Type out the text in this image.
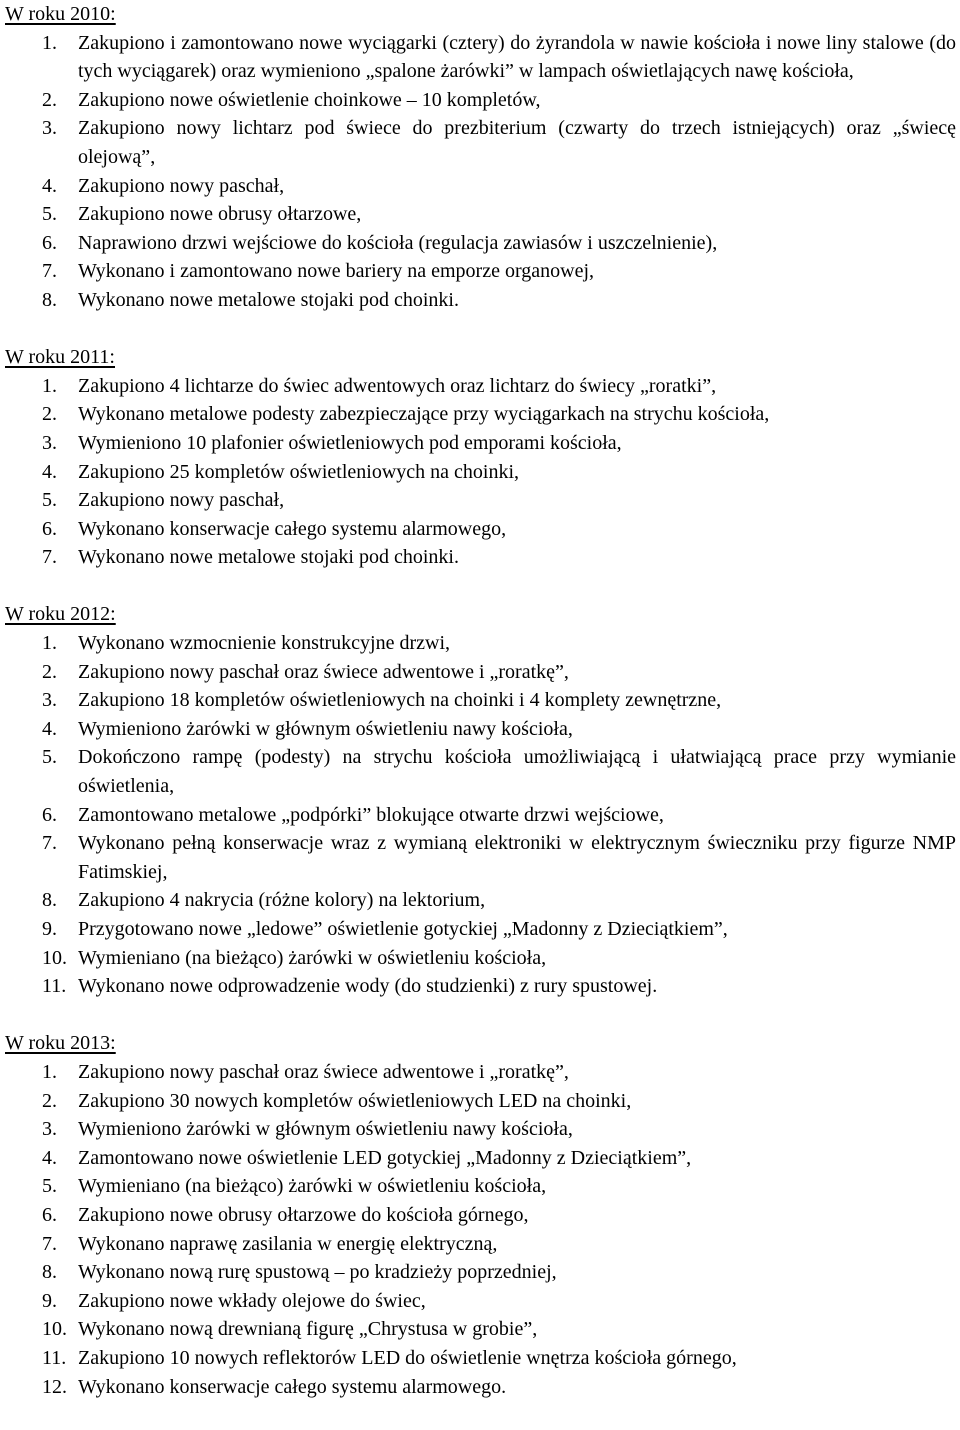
W roku 2010:
1.	Zakupiono i zamontowano nowe wyciągarki (cztery) do żyrandola w nawie kościoła i nowe liny stalowe (do tych wyciągarek) oraz wymieniono „spalone żarówki” w lampach oświetlających nawę kościoła,
2.	Zakupiono nowe oświetlenie choinkowe – 10 kompletów,
3.	Zakupiono nowy lichtarz pod świece do prezbiterium (czwarty do trzech istniejących) oraz „świecę olejową”,
4.	Zakupiono nowy paschał,
5.	Zakupiono nowe obrusy ołtarzowe,
6.	Naprawiono drzwi wejściowe do kościoła (regulacja zawiasów i uszczelnienie),
7.	Wykonano i zamontowano nowe bariery na emporze organowej,
8.	Wykonano nowe metalowe stojaki pod choinki.
W roku 2011:
1.	Zakupiono 4 lichtarze do świec adwentowych oraz lichtarz do świecy „roratki”,
2.	Wykonano metalowe podesty zabezpieczające przy wyciągarkach na strychu kościoła,
3.	Wymieniono 10 plafonier oświetleniowych pod emporami kościoła,
4.	Zakupiono 25 kompletów oświetleniowych na choinki,
5.	Zakupiono nowy paschał,
6.	Wykonano konserwacje całego systemu alarmowego,
7.	Wykonano nowe metalowe stojaki pod choinki.
W roku 2012:
1.	Wykonano wzmocnienie konstrukcyjne drzwi,
2.	Zakupiono nowy paschał oraz świece adwentowe i „roratkę”,
3.	Zakupiono 18 kompletów oświetleniowych na choinki i 4 komplety zewnętrzne,
4.	Wymieniono żarówki w głównym oświetleniu nawy kościoła,
5.	Dokończono rampę (podesty) na strychu kościoła umożliwiającą i ułatwiającą prace przy wymianie oświetlenia,
6.	Zamontowano metalowe „podpórki” blokujące otwarte drzwi wejściowe,
7.	Wykonano pełną konserwacje wraz z wymianą elektroniki w elektrycznym świeczniku przy figurze NMP Fatimskiej,
8.	Zakupiono 4 nakrycia (różne kolory) na lektorium,
9.	Przygotowano nowe „ledowe” oświetlenie gotyckiej „Madonny z Dzieciątkiem”,
10. Wymieniano (na bieżąco) żarówki w oświetleniu kościoła,
11. Wykonano nowe odprowadzenie wody (do studzienki) z rury spustowej.
W roku 2013:
1.	Zakupiono nowy paschał oraz świece adwentowe i „roratkę”,
2.	Zakupiono 30 nowych kompletów oświetleniowych LED na choinki,
3.	Wymieniono żarówki w głównym oświetleniu nawy kościoła,
4.	Zamontowano nowe oświetlenie LED gotyckiej „Madonny z Dzieciątkiem”,
5.	Wymieniano (na bieżąco) żarówki w oświetleniu kościoła,
6.	Zakupiono nowe obrusy ołtarzowe do kościoła górnego,
7.	Wykonano naprawę zasilania w energię elektryczną,
8.	Wykonano nową rurę spustową – po kradzieży poprzedniej,
9.	Zakupiono nowe wkłady olejowe do świec,
10. Wykonano nową drewnianą figurę „Chrystusa w grobie”,
11. Zakupiono 10 nowych reflektorów LED do oświetlenie wnętrza kościoła górnego,
12. Wykonano konserwacje całego systemu alarmowego.
